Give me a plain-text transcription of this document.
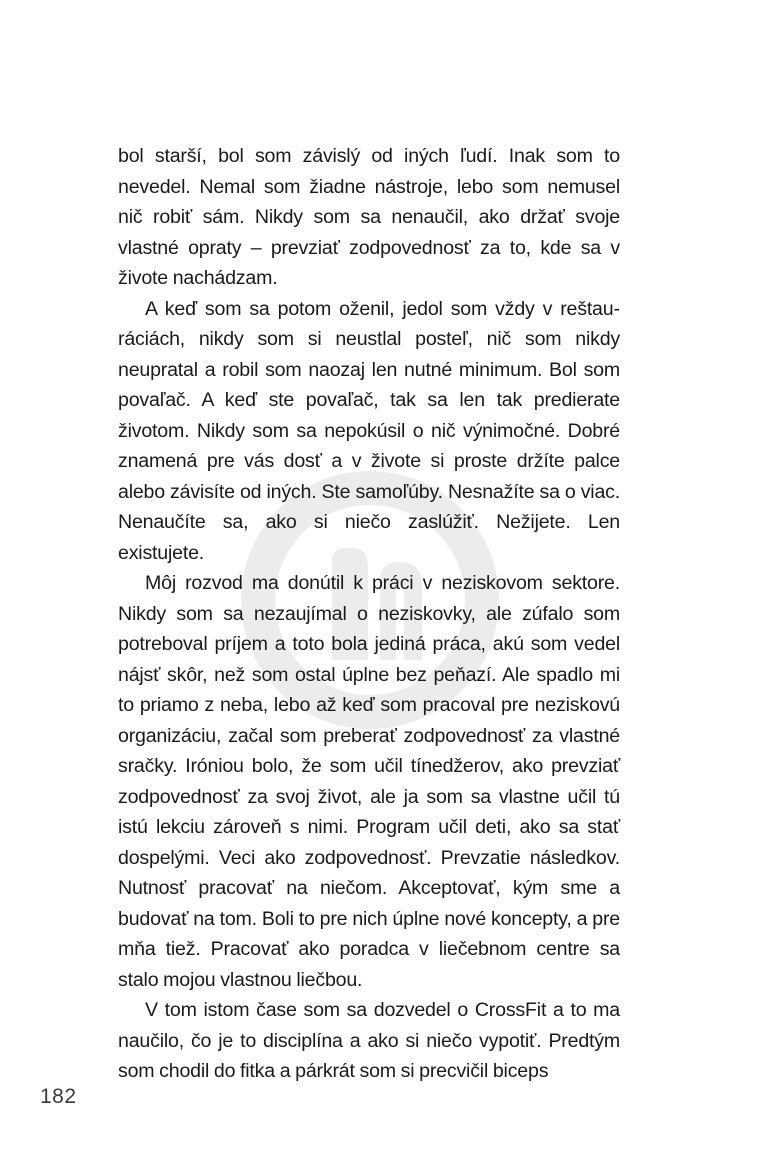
bol starší, bol som závislý od iných ľudí. Inak som to nevedel. Nemal som žiadne nástroje, lebo som nemusel nič robiť sám. Nikdy som sa nenaučil, ako držať svoje vlastné opraty – prevziať zodpovednosť za to, kde sa v živote nachádzam.

A keď som sa potom oženil, jedol som vždy v reštauráciách, nikdy som si neustlal posteľ, nič som nikdy neupratal a robil som naozaj len nutné minimum. Bol som povaľač. A keď ste povaľač, tak sa len tak predierate životom. Nikdy som sa nepokúsil o nič výnimočné. Dobré znamená pre vás dosť a v živote si proste držíte palce alebo závisíte od iných. Ste samoľúby. Nesnažíte sa o viac. Nenaučíte sa, ako si niečo zaslúžiť. Nežijete. Len existujete.

Môj rozvod ma donútil k práci v neziskovom sektore. Nikdy som sa nezaujímal o neziskovky, ale zúfalo som potreboval príjem a toto bola jediná práca, akú som vedel nájsť skôr, než som ostal úplne bez peňazí. Ale spadlo mi to priamo z neba, lebo až keď som pracoval pre neziskovú organizáciu, začal som preberať zodpovednosť za vlastné sračky. Iróniou bolo, že som učil tínedžerov, ako prevziať zodpovednosť za svoj život, ale ja som sa vlastne učil tú istú lekciu zároveň s nimi. Program učil deti, ako sa stať dospelými. Veci ako zodpovednosť. Prevzatie následkov. Nutnosť pracovať na niečom. Akceptovať, kým sme a budovať na tom. Boli to pre nich úplne nové koncepty, a pre mňa tiež. Pracovať ako poradca v liečebnom centre sa stalo mojou vlastnou liečbou.

V tom istom čase som sa dozvedel o CrossFit a to ma naučilo, čo je to disciplína a ako si niečo vypotiť. Predtým som chodil do fitka a párkrát som si precvičil biceps

182
